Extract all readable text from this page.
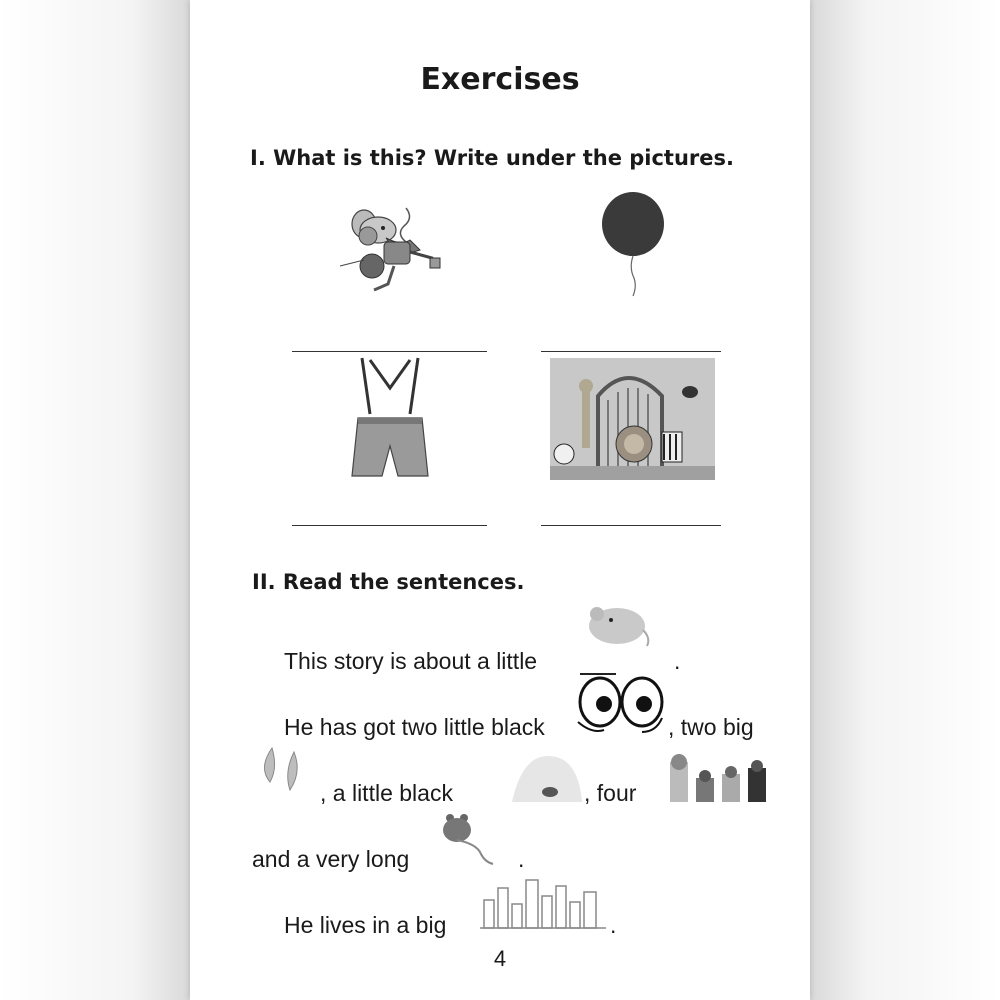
Exercises
I. What is this? Write under the pictures.
II. Read the sentences.
This story is about a little	.
He has got two little black	, two big
, a little black	, four
and a very long	.
He lives in a big	.
4
